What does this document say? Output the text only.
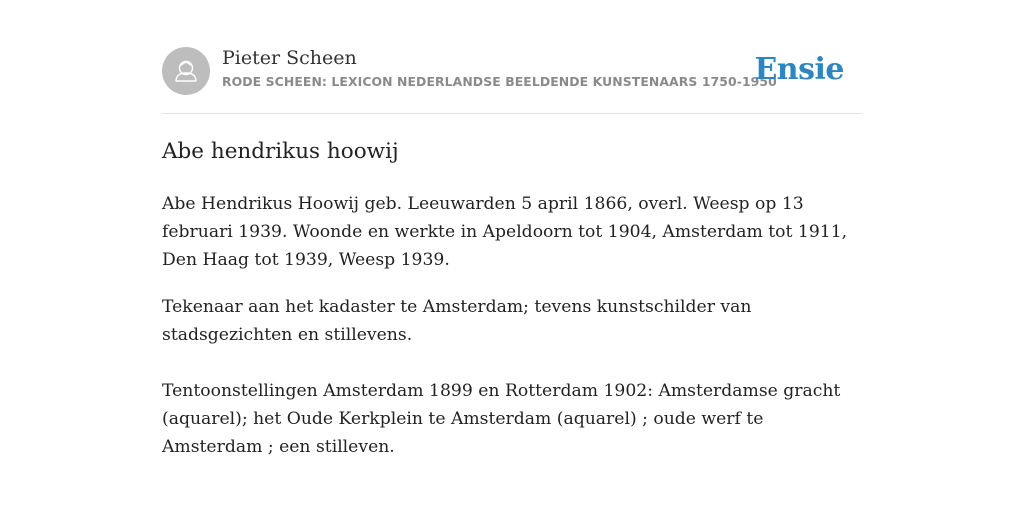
Pieter Scheen
RODE SCHEEN: LEXICON NEDERLANDSE BEELDENDE KUNSTENAARS 1750-1950
Ensie
Abe hendrikus hoowij

Abe Hendrikus Hoowij geb. Leeuwarden 5 april 1866, overl. Weesp op 13 februari 1939. Woonde en werkte in Apeldoorn tot 1904, Amsterdam tot 1911, Den Haag tot 1939, Weesp 1939.

Tekenaar aan het kadaster te Amsterdam; tevens kunstschilder van stadsgezichten en stillevens.

Tentoonstellingen Amsterdam 1899 en Rotterdam 1902: Amsterdamse gracht (aquarel); het Oude Kerkplein te Amsterdam (aquarel) ; oude werf te Amsterdam ; een stilleven.
